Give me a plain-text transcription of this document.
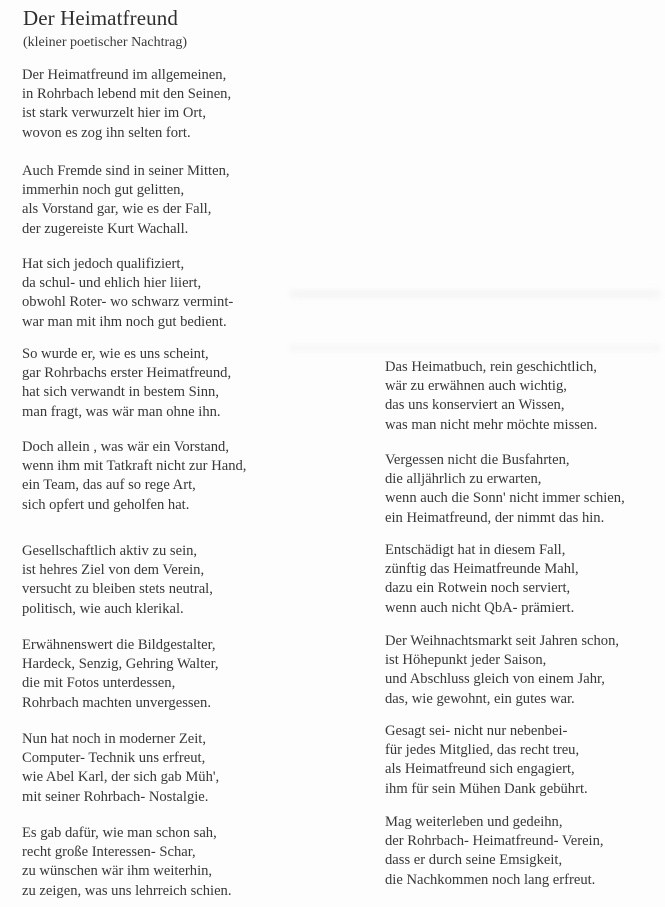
Der Heimatfreund
(kleiner poetischer Nachtrag)
Der Heimatfreund im allgemeinen,
in Rohrbach lebend mit den Seinen,
ist stark verwurzelt hier im Ort,
wovon es zog ihn selten fort.
Auch Fremde sind in seiner Mitten,
immerhin noch gut gelitten,
als Vorstand gar, wie es der Fall,
der zugereiste Kurt Wachall.
Hat sich jedoch qualifiziert,
da schul- und ehlich hier liiert,
obwohl Roter- wo schwarz vermint-
war man mit ihm noch gut bedient.
So wurde er, wie es uns scheint,
gar Rohrbachs erster Heimatfreund,
hat sich verwandt in bestem Sinn,
man fragt, was wär man ohne ihn.
Doch allein , was wär ein Vorstand,
wenn ihm mit Tatkraft nicht zur Hand,
ein Team, das auf so rege Art,
sich opfert und geholfen hat.
Gesellschaftlich aktiv zu sein,
ist hehres Ziel von dem Verein,
versucht zu bleiben stets neutral,
politisch, wie auch klerikal.
Erwähnenswert die Bildgestalter,
Hardeck, Senzig, Gehring Walter,
die mit Fotos unterdessen,
Rohrbach machten unvergessen.
Nun hat noch in moderner Zeit,
Computer- Technik uns erfreut,
wie Abel Karl, der sich gab Müh',
mit seiner Rohrbach- Nostalgie.
Es gab dafür, wie man schon sah,
recht große Interessen- Schar,
zu wünschen wär ihm weiterhin,
zu zeigen, was uns lehrreich schien.
Das Heimatbuch, rein geschichtlich,
wär zu erwähnen auch wichtig,
das uns konserviert an Wissen,
was man nicht mehr möchte missen.
Vergessen nicht die Busfahrten,
die alljährlich zu erwarten,
wenn auch die Sonn' nicht immer schien,
ein Heimatfreund, der nimmt das hin.
Entschädigt hat in diesem Fall,
zünftig das Heimatfreunde Mahl,
dazu ein Rotwein noch serviert,
wenn auch nicht QbA- prämiert.
Der Weihnachtsmarkt seit Jahren schon,
ist Höhepunkt jeder Saison,
und Abschluss gleich von einem Jahr,
das, wie gewohnt, ein gutes war.
Gesagt sei- nicht nur nebenbei-
für jedes Mitglied, das recht treu,
als Heimatfreund sich engagiert,
ihm für sein Mühen Dank gebührt.
Mag weiterleben und gedeihn,
der Rohrbach- Heimatfreund- Verein,
dass er durch seine Emsigkeit,
die Nachkommen noch lang erfreut.
